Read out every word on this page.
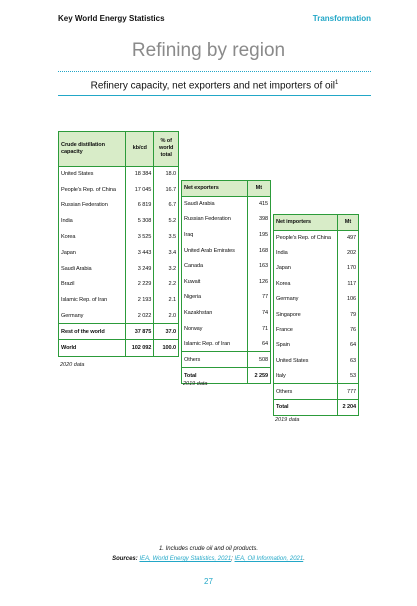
Key World Energy Statistics	Transformation
Refining by region
Refinery capacity, net exporters and net importers of oil$^1$
Crude distillation capacity	kb/cd	% of world total
United States	18 384	18.0
People's Rep. of China	17 045	16.7
Russian Federation	6 819	6.7
India	5 308	5.2
Korea	3 525	3.5
Japan	3 443	3.4
Saudi Arabia	3 249	3.2
Brazil	2 229	2.2
Islamic Rep. of Iran	2 193	2.1
Germany	2 022	2.0
Rest of the world	37 875	37.0
World	102 092	100.0
2020 data
Net exporters	Mt
Saudi Arabia	415
Russian Federation	398
Iraq	195
United Arab Emirates	168
Canada	163
Kuwait	126
Nigeria	77
Kazakhstan	74
Norway	71
Islamic Rep. of Iran	64
Others	508
Total	2 259
2019 data
Net importers	Mt
People's Rep. of China	497
India	202
Japan	170
Korea	117
Germany	106
Singapore	79
France	76
Spain	64
United States	63
Italy	53
Others	777
Total	2 204
2019 data
1. Includes crude oil and oil products.
Sources: IEA, World Energy Statistics, 2021; IEA, Oil Information, 2021.
27
